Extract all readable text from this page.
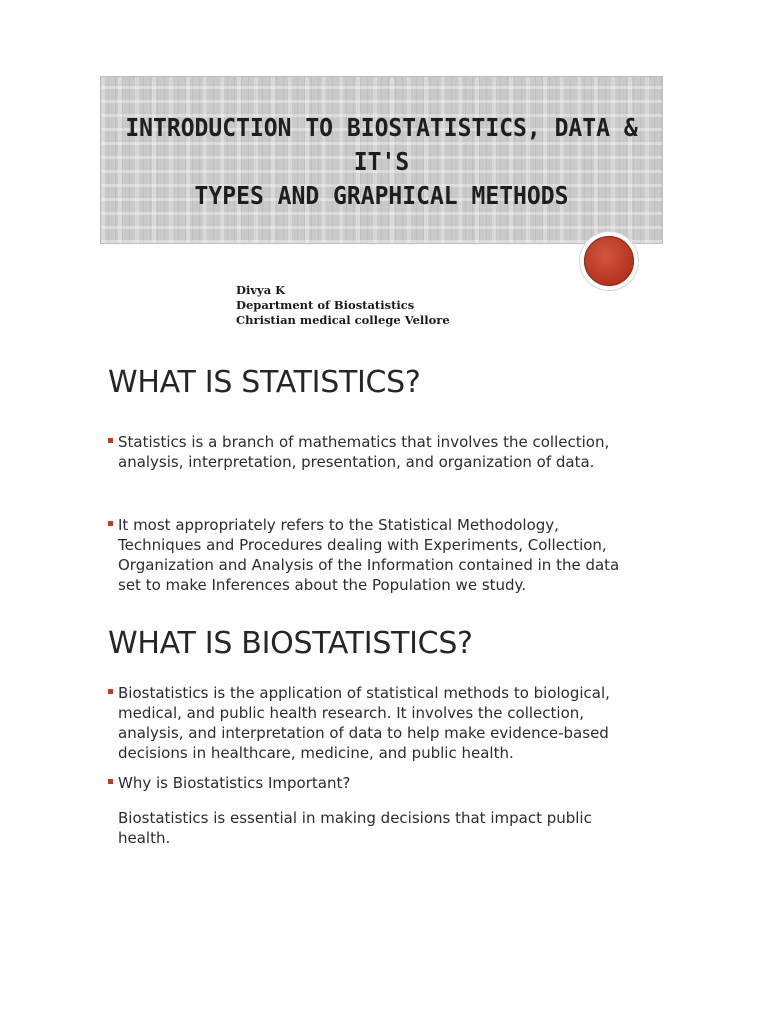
INTRODUCTION TO BIOSTATISTICS, DATA & IT'S
TYPES AND GRAPHICAL METHODS
Divya K
Department of Biostatistics
Christian medical college Vellore
WHAT IS STATISTICS?
Statistics is a branch of mathematics that involves the collection,
analysis, interpretation, presentation, and organization of data.
It most appropriately refers to the Statistical Methodology,
Techniques and Procedures dealing with Experiments, Collection,
Organization and Analysis of the Information contained in the data
set to make Inferences about the Population we study.
WHAT IS BIOSTATISTICS?
Biostatistics is the application of statistical methods to biological,
medical, and public health research. It involves the collection,
analysis, and interpretation of data to help make evidence-based
decisions in healthcare, medicine, and public health.
Why is Biostatistics Important?
Biostatistics is essential in making decisions that impact public
health.
